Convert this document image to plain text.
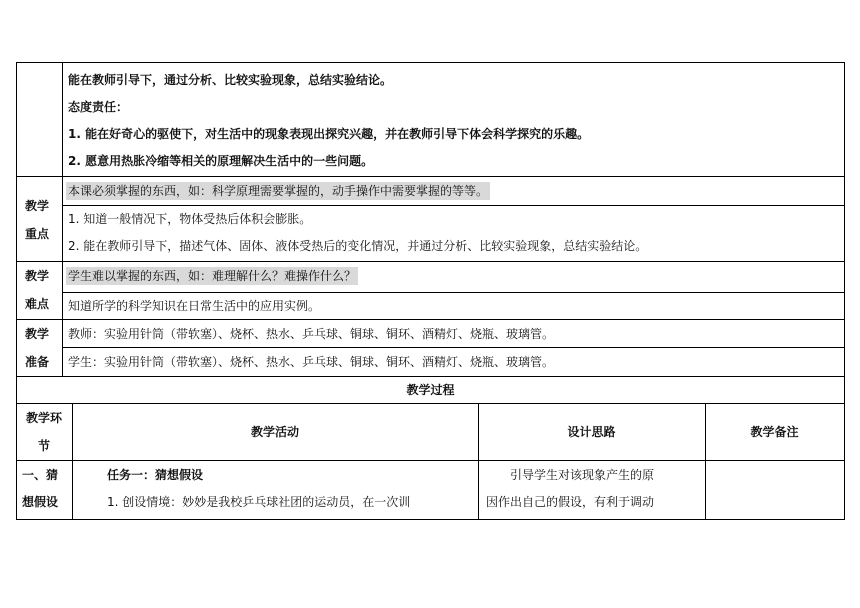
能在教师引导下，通过分析、比较实验现象，总结实验结论。
态度责任：
1. 能在好奇心的驱使下，对生活中的现象表现出探究兴趣，并在教师引导下体会科学探究的乐趣。
2. 愿意用热胀冷缩等相关的原理解决生活中的一些问题。
教学
重点
本课必须掌握的东西，如：科学原理需要掌握的，动手操作中需要掌握的等等。
1. 知道一般情况下，物体受热后体积会膨胀。
2. 能在教师引导下，描述气体、固体、液体受热后的变化情况，并通过分析、比较实验现象，总结实验结论。
教学
难点
学生难以掌握的东西，如：难理解什么？难操作什么？
知道所学的科学知识在日常生活中的应用实例。
教学
准备
教师：实验用针筒（带软塞）、烧杯、热水、乒乓球、铜球、铜环、酒精灯、烧瓶、玻璃管。
学生：实验用针筒（带软塞）、烧杯、热水、乒乓球、铜球、铜环、酒精灯、烧瓶、玻璃管。
教学过程
教学环
节
教学活动	设计思路	教学备注
一、猜
想假设
任务一：猜想假设
1. 创设情境：妙妙是我校乒乓球社团的运动员，在一次训
引导学生对该现象产生的原
因作出自己的假设，有利于调动
